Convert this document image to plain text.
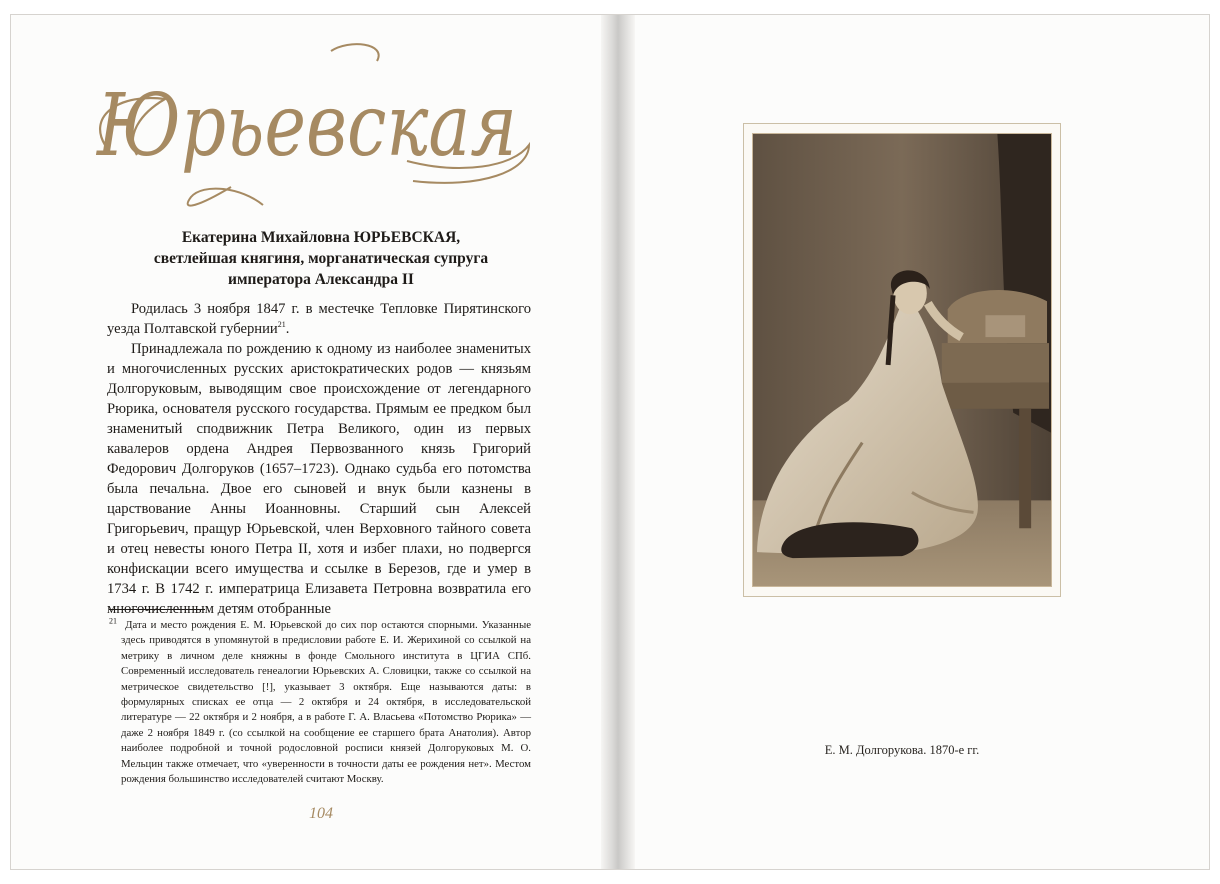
Юрьевская
Екатерина Михайловна ЮРЬЕВСКАЯ,
светлейшая княгиня, морганатическая супруга
императора Александра II

Родилась 3 ноября 1847 г. в местечке Тепловке Пирятинского уезда Полтавской губернии$^{21}$.

Принадлежала по рождению к одному из наиболее знаменитых и многочисленных русских аристократических родов — князьям Долгоруковым, выводящим свое происхождение от легендарного Рюрика, основателя русского государства. Прямым ее предком был знаменитый сподвижник Петра Великого, один из первых кавалеров ордена Андрея Первозванного князь Григорий Федорович Долгоруков (1657–1723). Однако судьба его потомства была печальна. Двое его сыновей и внук были казнены в царствование Анны Иоанновны. Старший сын Алексей Григорьевич, пращур Юрьевской, член Верховного тайного совета и отец невесты юного Петра II, хотя и избег плахи, но подвергся конфискации всего имущества и ссылке в Березов, где и умер в 1734 г. В 1742 г. императрица Елизавета Петровна возвратила его многочисленным детям отобранные

$^{21}$ Дата и место рождения Е. М. Юрьевской до сих пор остаются спорными. Указанные здесь приводятся в упомянутой в предисловии работе Е. И. Жерихиной со ссылкой на метрику в личном деле княжны в фонде Смольного института в ЦГИА СПб. Современный исследователь генеалогии Юрьевских А. Словицки, также со ссылкой на метрическое свидетельство [!], указывает 3 октября. Еще называются даты: в формулярных списках ее отца — 2 октября и 24 октября, в исследовательской литературе — 22 октября и 2 ноября, а в работе Г. А. Власьева «Потомство Рюрика» — даже 2 ноября 1849 г. (со ссылкой на сообщение ее старшего брата Анатолия). Автор наиболее подробной и точной родословной росписи князей Долгоруковых М. О. Мельцин также отмечает, что «уверенности в точности даты ее рождения нет». Местом рождения большинство исследователей считают Москву.

104
Е. М. Долгорукова. 1870-е гг.
